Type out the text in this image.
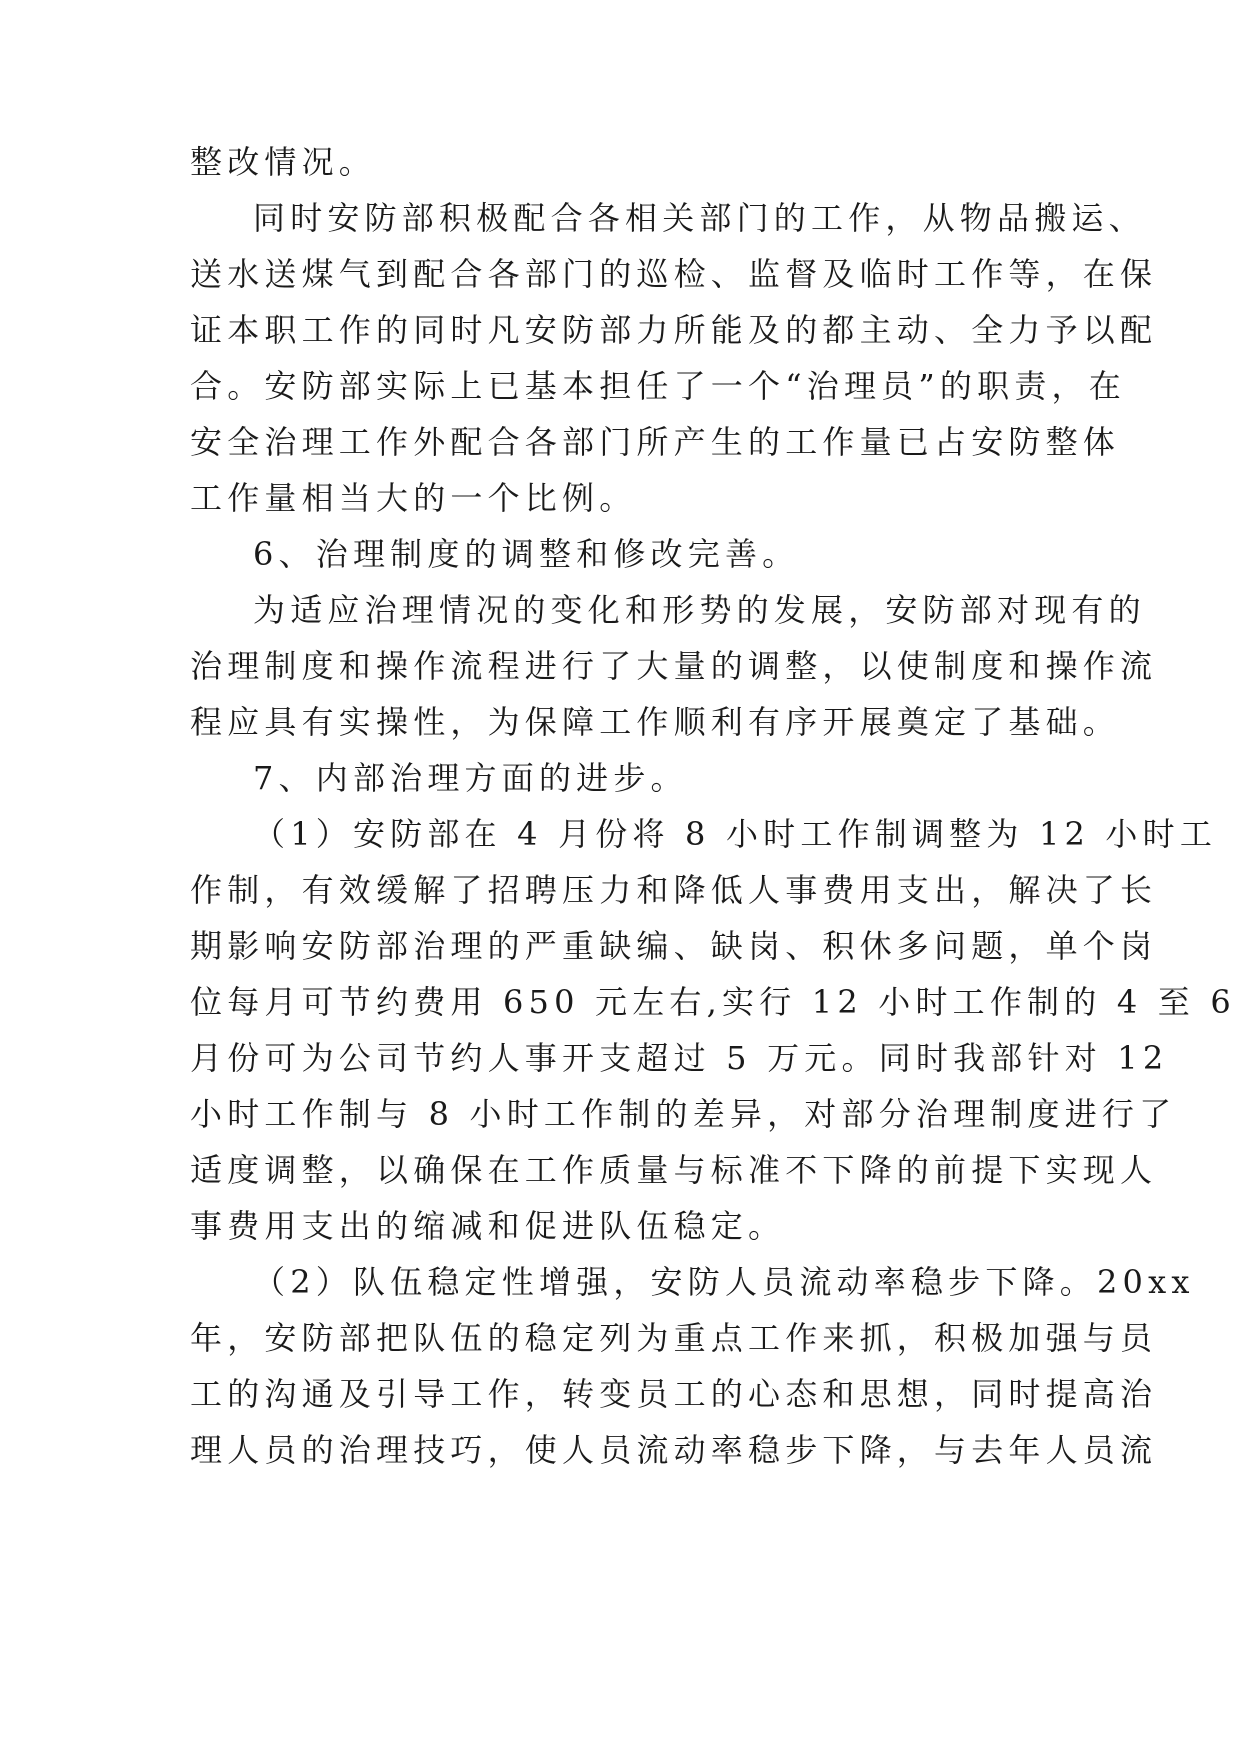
整改情况。
同时安防部积极配合各相关部门的工作，从物品搬运、
送水送煤气到配合各部门的巡检、监督及临时工作等，在保
证本职工作的同时凡安防部力所能及的都主动、全力予以配
合。安防部实际上已基本担任了一个“治理员”的职责，在
安全治理工作外配合各部门所产生的工作量已占安防整体
工作量相当大的一个比例。
6、治理制度的调整和修改完善。
为适应治理情况的变化和形势的发展，安防部对现有的
治理制度和操作流程进行了大量的调整，以使制度和操作流
程应具有实操性，为保障工作顺利有序开展奠定了基础。
7、内部治理方面的进步。
（1）安防部在 4 月份将 8 小时工作制调整为 12 小时工
作制，有效缓解了招聘压力和降低人事费用支出，解决了长
期影响安防部治理的严重缺编、缺岗、积休多问题，单个岗
位每月可节约费用 650 元左右,实行 12 小时工作制的 4 至 6
月份可为公司节约人事开支超过 5 万元。同时我部针对 12
小时工作制与 8 小时工作制的差异，对部分治理制度进行了
适度调整，以确保在工作质量与标准不下降的前提下实现人
事费用支出的缩减和促进队伍稳定。
（2）队伍稳定性增强，安防人员流动率稳步下降。20xx
年，安防部把队伍的稳定列为重点工作来抓，积极加强与员
工的沟通及引导工作，转变员工的心态和思想，同时提高治
理人员的治理技巧，使人员流动率稳步下降，与去年人员流
